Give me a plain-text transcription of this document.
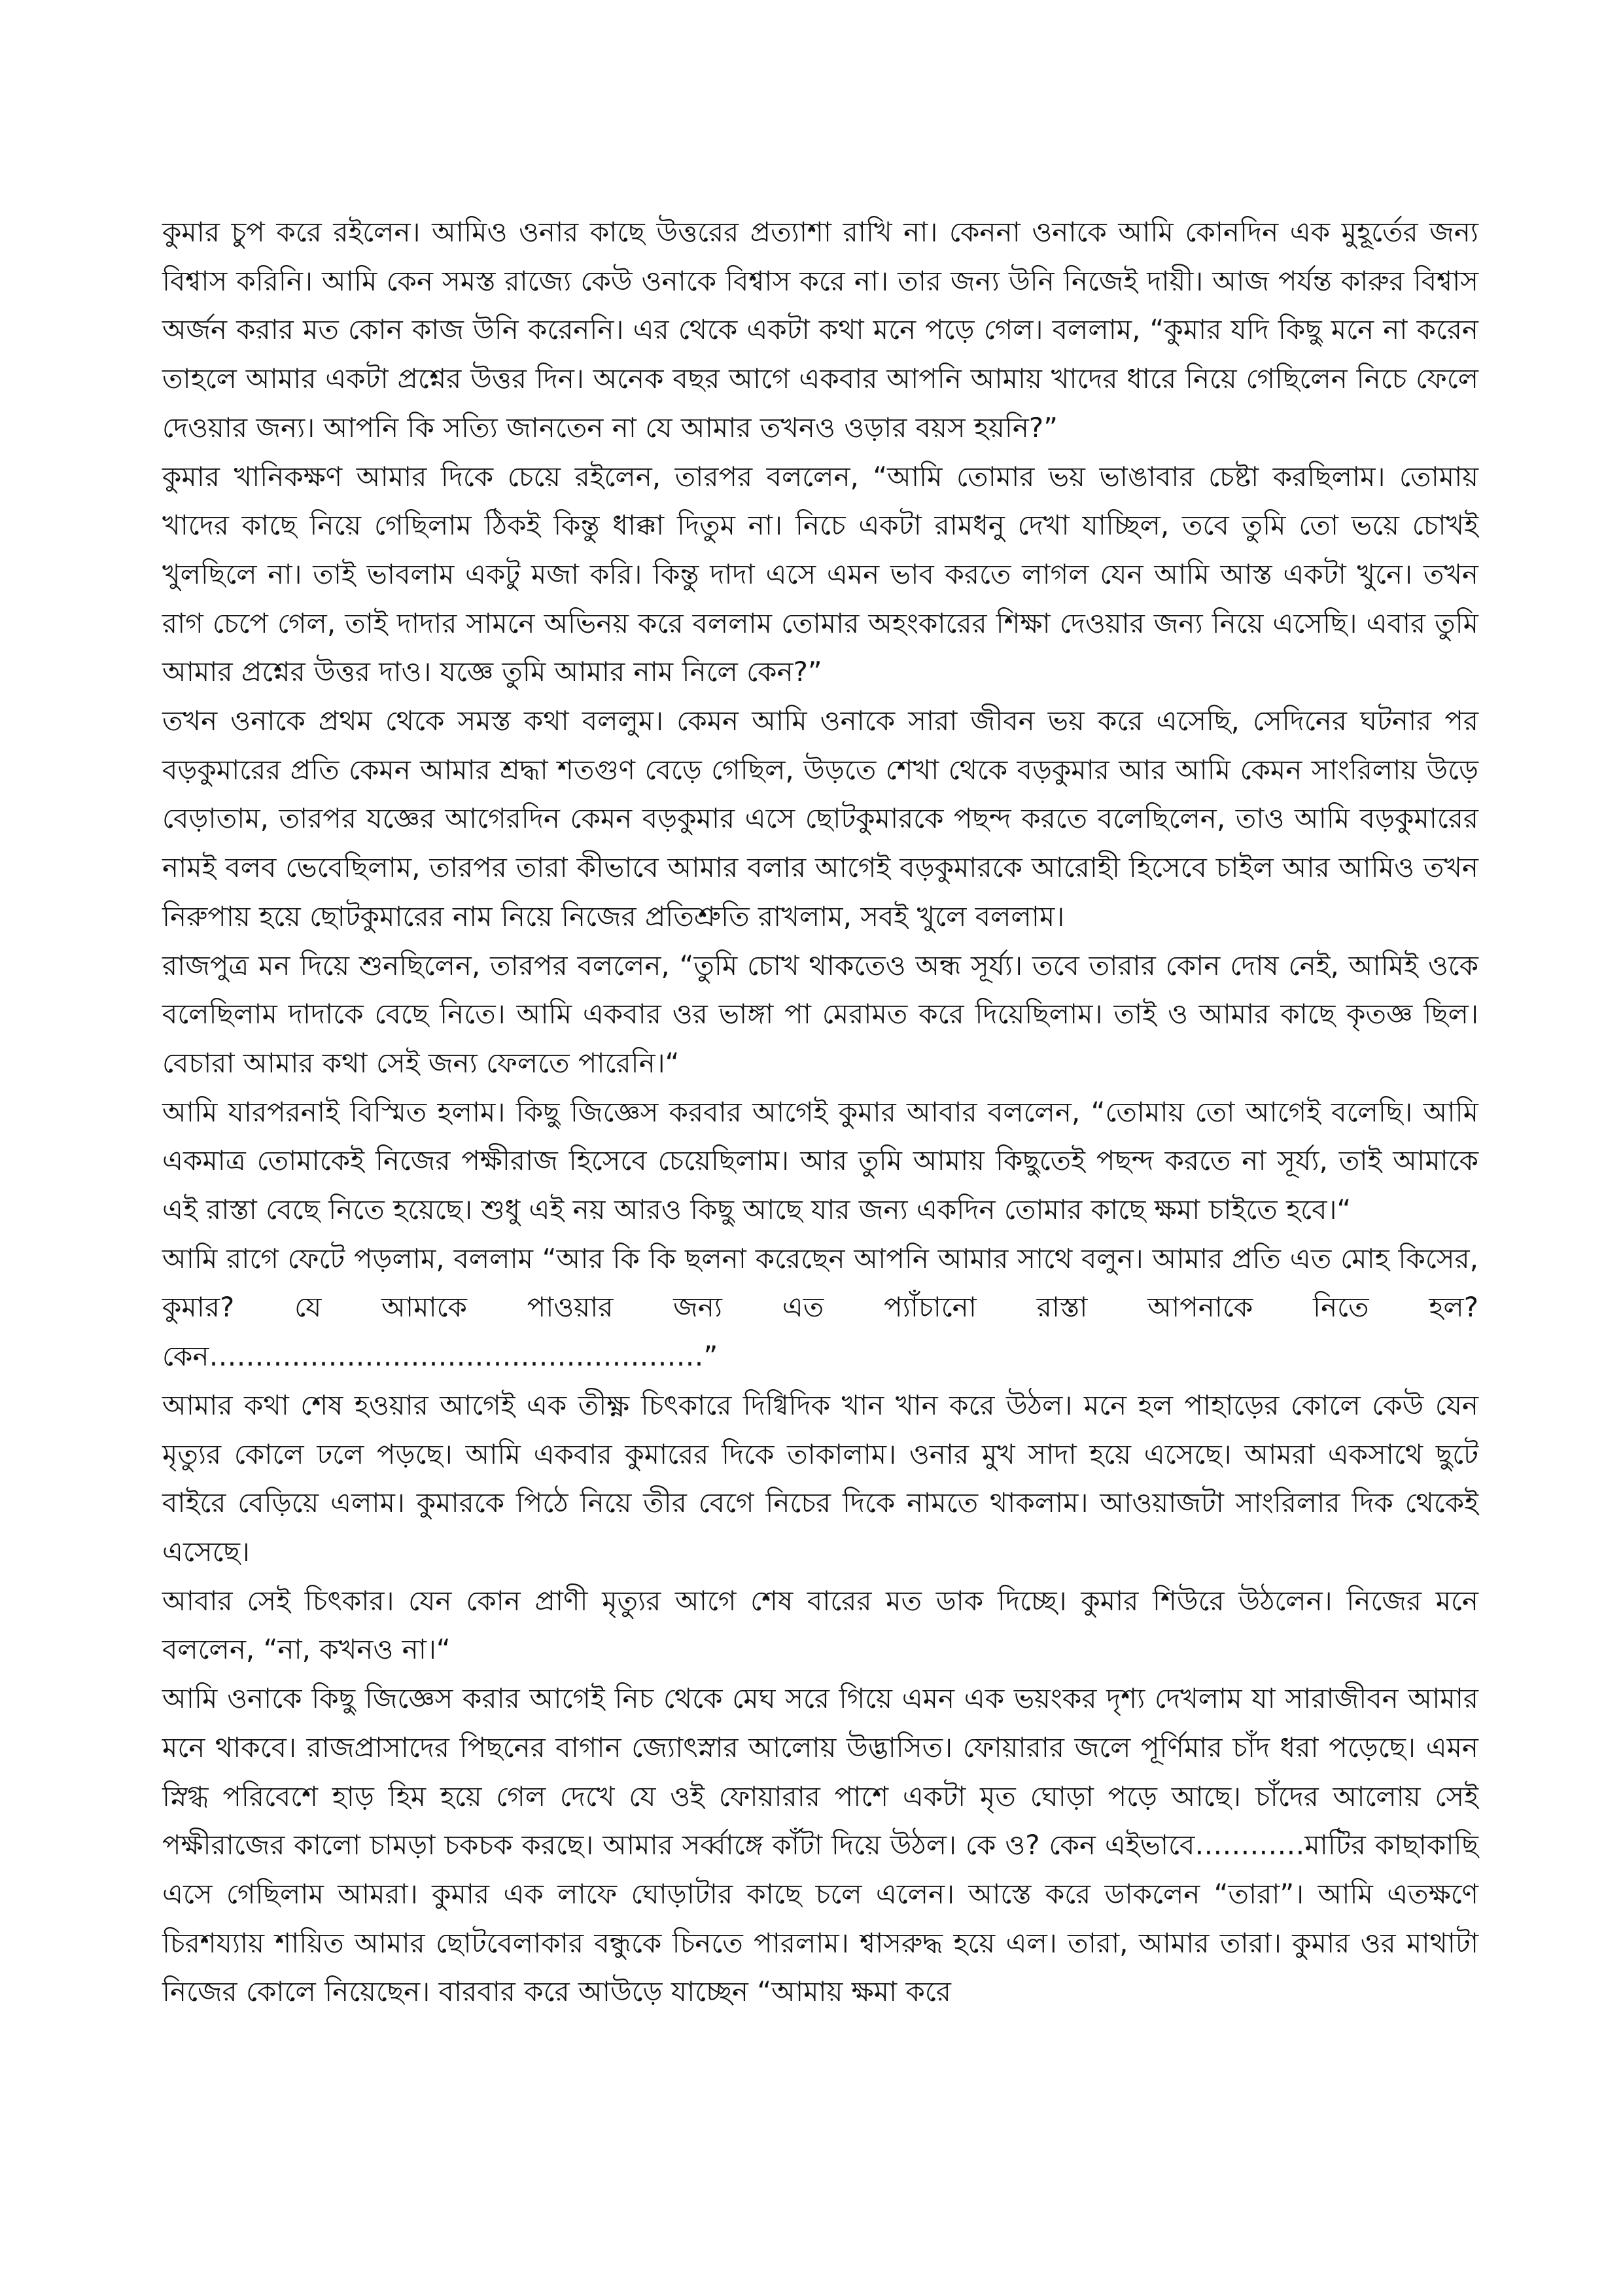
কুমার চুপ করে রইলেন। আমিও ওনার কাছে উত্তরের প্রত্যাশা রাখি না। কেননা ওনাকে আমি কোনদিন এক মুহূর্তের জন্য বিশ্বাস করিনি। আমি কেন সমস্ত রাজ্যে কেউ ওনাকে বিশ্বাস করে না। তার জন্য উনি নিজেই দায়ী। আজ পর্যন্ত কারুর বিশ্বাস অর্জন করার মত কোন কাজ উনি করেননি। এর থেকে একটা কথা মনে পড়ে গেল। বললাম, “কুমার যদি কিছু মনে না করেন তাহলে আমার একটা প্রশ্নের উত্তর দিন। অনেক বছর আগে একবার আপনি আমায় খাদের ধারে নিয়ে গেছিলেন নিচে ফেলে দেওয়ার জন্য। আপনি কি সত্যি জানতেন না যে আমার তখনও ওড়ার বয়স হয়নি?”

কুমার খানিকক্ষণ আমার দিকে চেয়ে রইলেন, তারপর বললেন, “আমি তোমার ভয় ভাঙাবার চেষ্টা করছিলাম। তোমায় খাদের কাছে নিয়ে গেছিলাম ঠিকই কিন্তু ধাক্কা দিতুম না। নিচে একটা রামধনু দেখা যাচ্ছিল, তবে তুমি তো ভয়ে চোখই খুলছিলে না। তাই ভাবলাম একটু মজা করি। কিন্তু দাদা এসে এমন ভাব করতে লাগল যেন আমি আস্ত একটা খুনে। তখন রাগ চেপে গেল, তাই দাদার সামনে অভিনয় করে বললাম তোমার অহংকারের শিক্ষা দেওয়ার জন্য নিয়ে এসেছি। এবার তুমি আমার প্রশ্নের উত্তর দাও। যজ্ঞে তুমি আমার নাম নিলে কেন?”

তখন ওনাকে প্রথম থেকে সমস্ত কথা বললুম। কেমন আমি ওনাকে সারা জীবন ভয় করে এসেছি, সেদিনের ঘটনার পর বড়কুমারের প্রতি কেমন আমার শ্রদ্ধা শতগুণ বেড়ে গেছিল, উড়তে শেখা থেকে বড়কুমার আর আমি কেমন সাংরিলায় উড়ে বেড়াতাম, তারপর যজ্ঞের আগেরদিন কেমন বড়কুমার এসে ছোটকুমারকে পছন্দ করতে বলেছিলেন, তাও আমি বড়কুমারের নামই বলব ভেবেছিলাম, তারপর তারা কীভাবে আমার বলার আগেই বড়কুমারকে আরোহী হিসেবে চাইল আর আমিও তখন নিরুপায় হয়ে ছোটকুমারের নাম নিয়ে নিজের প্রতিশ্রুতি রাখলাম, সবই খুলে বললাম।

রাজপুত্র মন দিয়ে শুনছিলেন, তারপর বললেন, “তুমি চোখ থাকতেও অন্ধ সূর্য্য। তবে তারার কোন দোষ নেই, আমিই ওকে বলেছিলাম দাদাকে বেছে নিতে। আমি একবার ওর ভাঙ্গা পা মেরামত করে দিয়েছিলাম। তাই ও আমার কাছে কৃতজ্ঞ ছিল। বেচারা আমার কথা সেই জন্য ফেলতে পারেনি।“

আমি যারপরনাই বিস্মিত হলাম। কিছু জিজ্ঞেস করবার আগেই কুমার আবার বললেন, “তোমায় তো আগেই বলেছি। আমি একমাত্র তোমাকেই নিজের পক্ষীরাজ হিসেবে চেয়েছিলাম। আর তুমি আমায় কিছুতেই পছন্দ করতে না সূর্য্য, তাই আমাকে এই রাস্তা বেছে নিতে হয়েছে। শুধু এই নয় আরও কিছু আছে যার জন্য একদিন তোমার কাছে ক্ষমা চাইতে হবে।“

আমি রাগে ফেটে পড়লাম, বললাম “আর কি কি ছলনা করেছেন আপনি আমার সাথে বলুন। আমার প্রতি এত মোহ কিসের, কুমার? যে আমাকে পাওয়ার জন্য এত প্যাঁচানো রাস্তা আপনাকে নিতে হল? কেন………………………………………………”

আমার কথা শেষ হওয়ার আগেই এক তীক্ষ্ণ চিৎকারে দিগ্বিদিক খান খান করে উঠল। মনে হল পাহাড়ের কোলে কেউ যেন মৃত্যুর কোলে ঢলে পড়ছে। আমি একবার কুমারের দিকে তাকালাম। ওনার মুখ সাদা হয়ে এসেছে। আমরা একসাথে ছুটে বাইরে বেড়িয়ে এলাম। কুমারকে পিঠে নিয়ে তীর বেগে নিচের দিকে নামতে থাকলাম। আওয়াজটা সাংরিলার দিক থেকেই এসেছে।

আবার সেই চিৎকার। যেন কোন প্রাণী মৃত্যুর আগে শেষ বারের মত ডাক দিচ্ছে। কুমার শিউরে উঠলেন। নিজের মনে বললেন, “না, কখনও না।“

আমি ওনাকে কিছু জিজ্ঞেস করার আগেই নিচ থেকে মেঘ সরে গিয়ে এমন এক ভয়ংকর দৃশ্য দেখলাম যা সারাজীবন আমার মনে থাকবে। রাজপ্রাসাদের পিছনের বাগান জ্যোৎস্নার আলোয় উদ্ভাসিত। ফোয়ারার জলে পূর্ণিমার চাঁদ ধরা পড়েছে। এমন স্নিগ্ধ পরিবেশে হাড় হিম হয়ে গেল দেখে যে ওই ফোয়ারার পাশে একটা মৃত ঘোড়া পড়ে আছে। চাঁদের আলোয় সেই পক্ষীরাজের কালো চামড়া চকচক করছে। আমার সর্ব্বাঙ্গে কাঁটা দিয়ে উঠল। কে ও? কেন এইভাবে…………মাটির কাছাকাছি এসে গেছিলাম আমরা। কুমার এক লাফে ঘোড়াটার কাছে চলে এলেন। আস্তে করে ডাকলেন “তারা”। আমি এতক্ষণে চিরশয্যায় শায়িত আমার ছোটবেলাকার বন্ধুকে চিনতে পারলাম। শ্বাসরুদ্ধ হয়ে এল। তারা, আমার তারা। কুমার ওর মাথাটা নিজের কোলে নিয়েছেন। বারবার করে আউড়ে যাচ্ছেন “আমায় ক্ষমা করে
